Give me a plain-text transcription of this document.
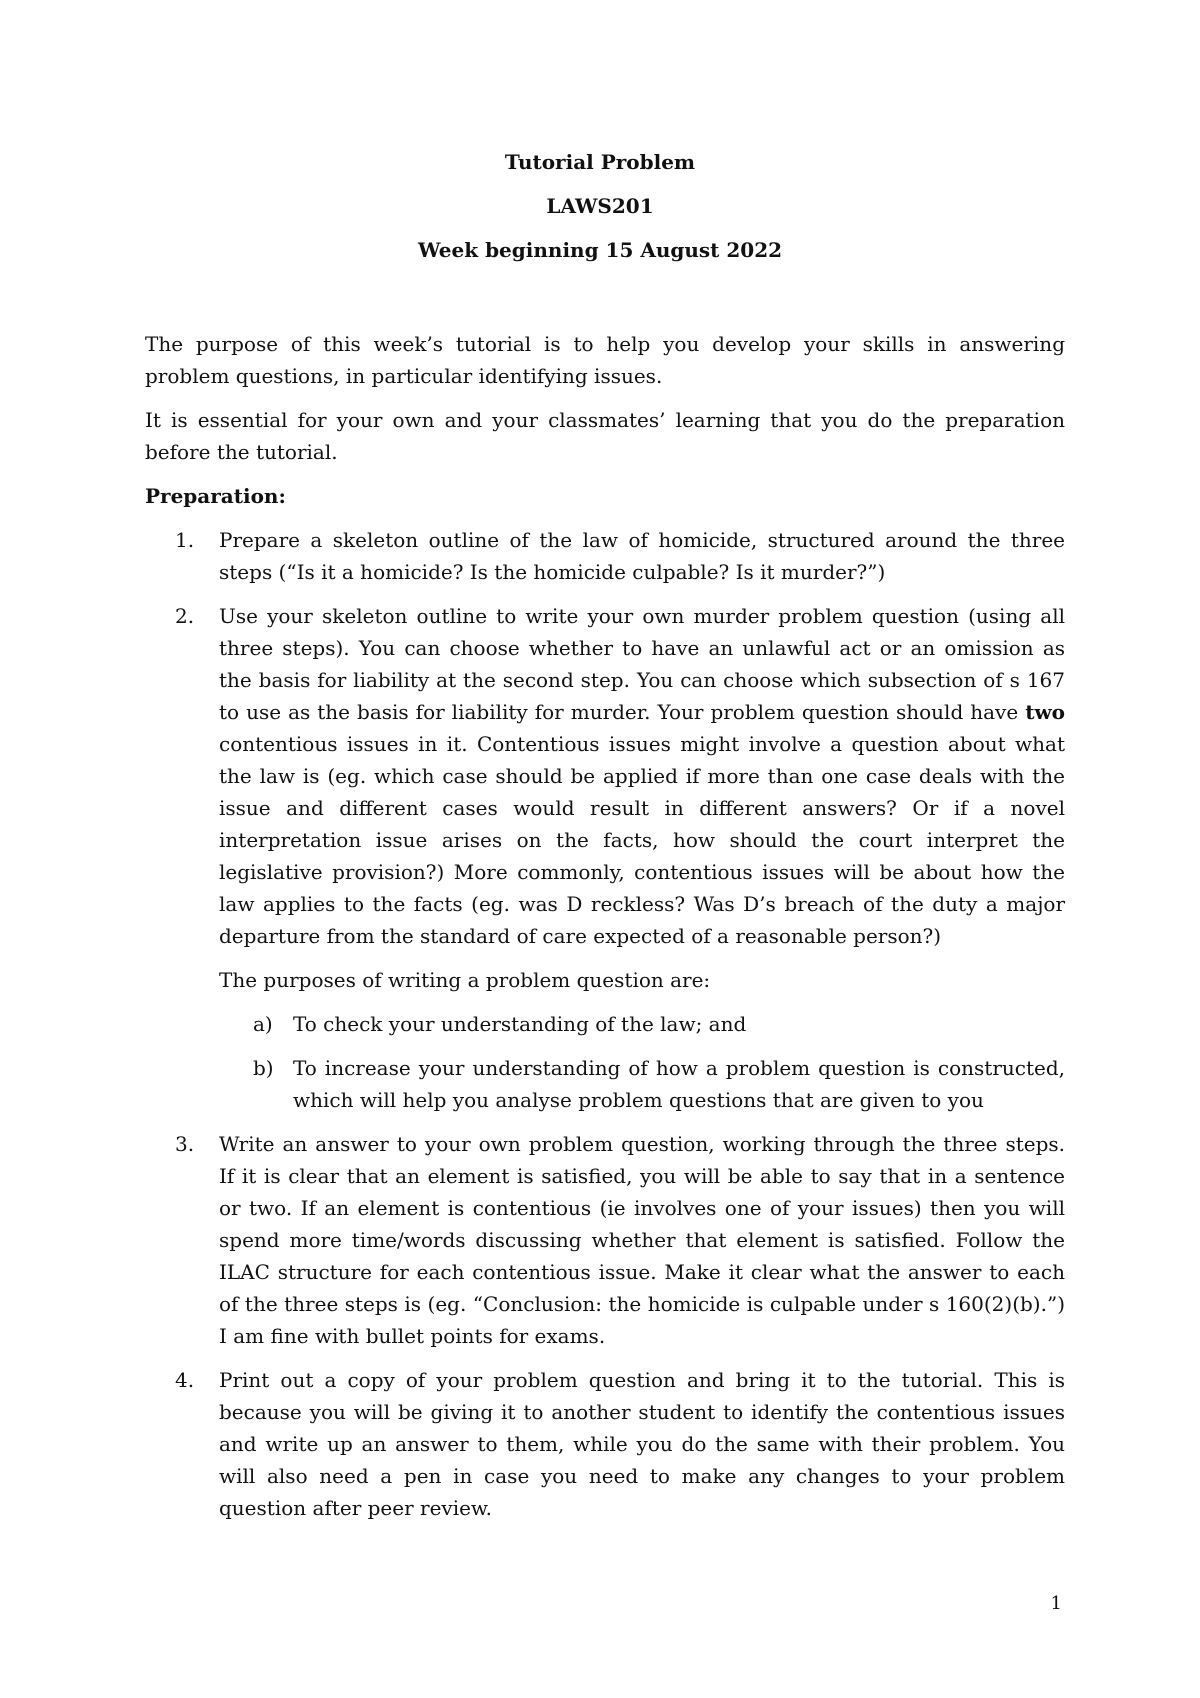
Tutorial Problem

LAWS201

Week beginning 15 August 2022

The purpose of this week’s tutorial is to help you develop your skills in answering problem questions, in particular identifying issues.

It is essential for your own and your classmates’ learning that you do the preparation before the tutorial.

Preparation:

1. Prepare a skeleton outline of the law of homicide, structured around the three steps (“Is it a homicide? Is the homicide culpable? Is it murder?”)
2. Use your skeleton outline to write your own murder problem question (using all three steps). You can choose whether to have an unlawful act or an omission as the basis for liability at the second step. You can choose which subsection of s 167 to use as the basis for liability for murder. Your problem question should have two contentious issues in it. Contentious issues might involve a question about what the law is (eg. which case should be applied if more than one case deals with the issue and different cases would result in different answers? Or if a novel interpretation issue arises on the facts, how should the court interpret the legislative provision?) More commonly, contentious issues will be about how the law applies to the facts (eg. was D reckless? Was D’s breach of the duty a major departure from the standard of care expected of a reasonable person?)

The purposes of writing a problem question are:

a) To check your understanding of the law; and
b) To increase your understanding of how a problem question is constructed, which will help you analyse problem questions that are given to you
3. Write an answer to your own problem question, working through the three steps. If it is clear that an element is satisfied, you will be able to say that in a sentence or two. If an element is contentious (ie involves one of your issues) then you will spend more time/words discussing whether that element is satisfied. Follow the ILAC structure for each contentious issue. Make it clear what the answer to each of the three steps is (eg. “Conclusion: the homicide is culpable under s 160(2)(b).”) I am fine with bullet points for exams.
4. Print out a copy of your problem question and bring it to the tutorial. This is because you will be giving it to another student to identify the contentious issues and write up an answer to them, while you do the same with their problem. You will also need a pen in case you need to make any changes to your problem question after peer review.
1
